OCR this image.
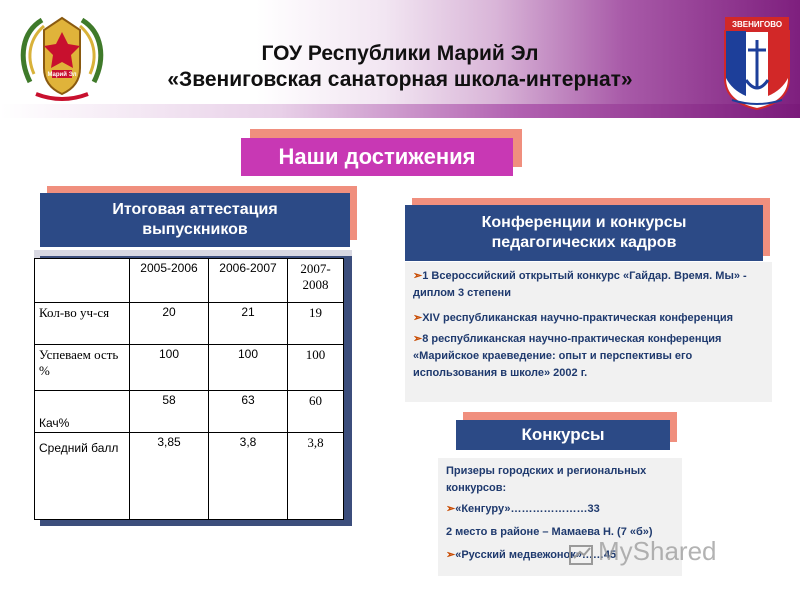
ГОУ Республики Марий Эл
«Звениговская санаторная школа-интернат»
Марий Эл
ЗВЕНИГОВО
Наши достижения
Итоговая аттестация выпускников
	2005-2006	2006-2007	2007-2008
Кол-во уч-ся	20	21	19
Успеваем ость %	100	100	100
Кач%	58	63	60
Средний балл	3,85	3,8	3,8
Конференции и конкурсы педагогических кадров

➢1 Всероссийский открытый конкурс «Гайдар. Время. Мы» - диплом 3 степени

➢XIV республиканская научно-практическая конференция

➢8 республиканская научно-практическая конференция «Марийское краеведение: опыт и перспективы его использования в школе» 2002 г.

Конкурсы

Призеры городских и региональных конкурсов:

➢«Кенгуру»…………………33

2 место в районе – Мамаева Н. (7 «б»)

➢«Русский медвежонок»……45

MyShared
